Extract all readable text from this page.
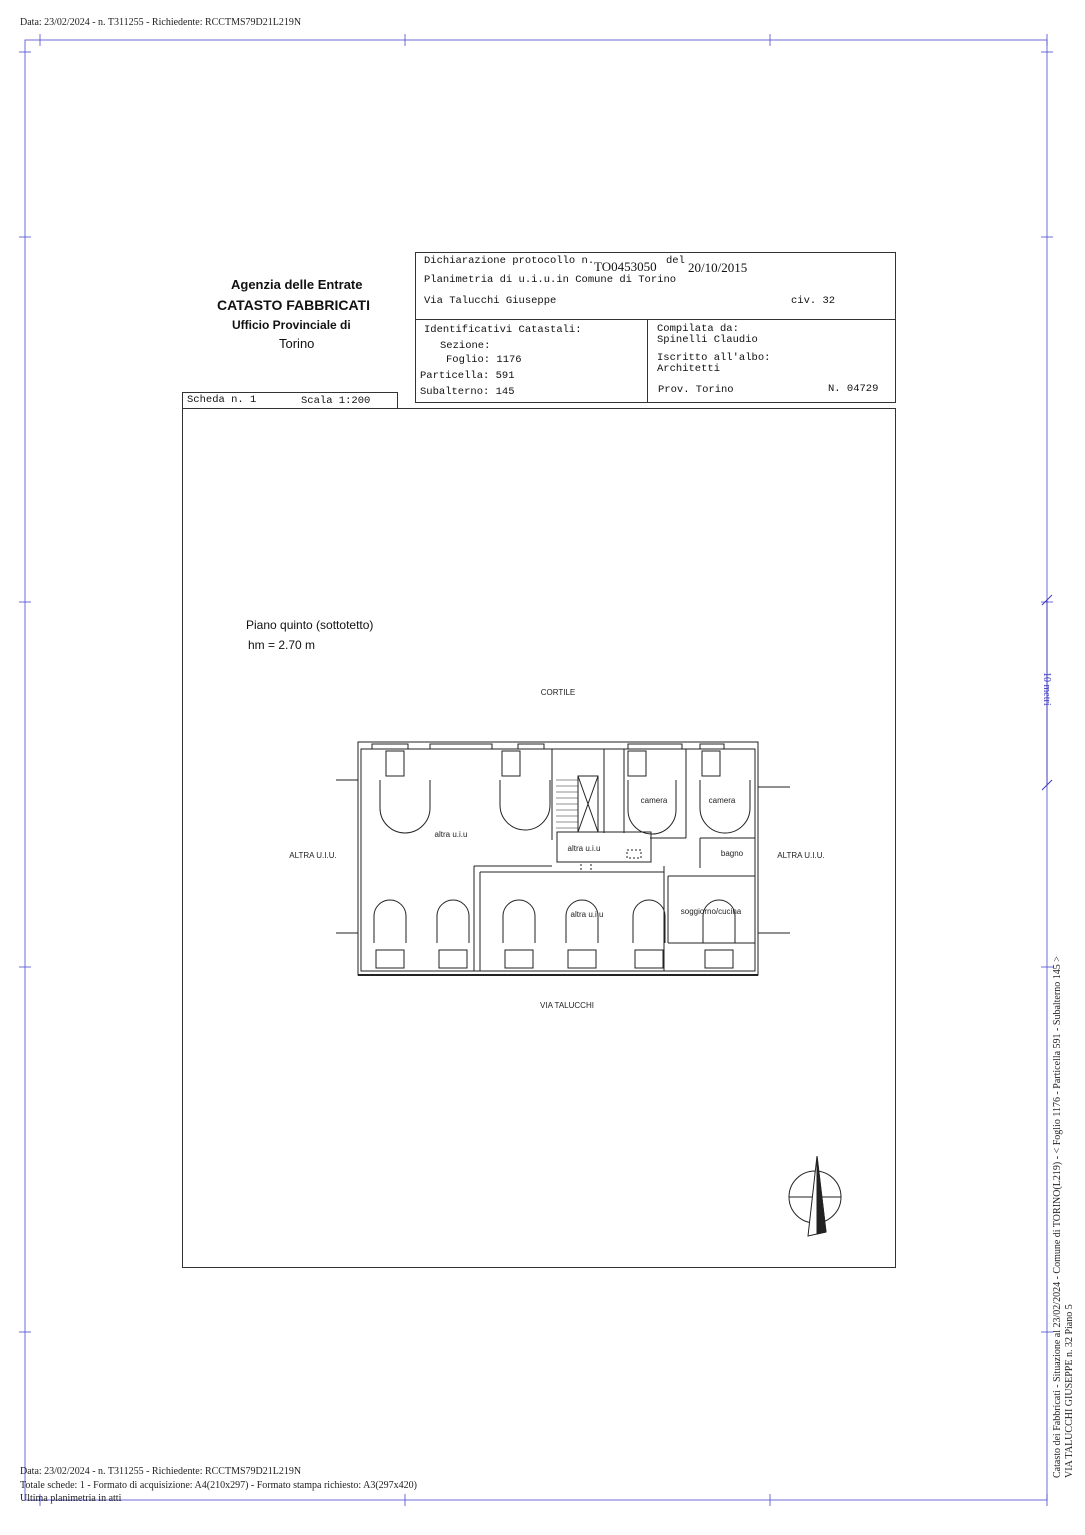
Data: 23/02/2024 - n. T311255 - Richiedente: RCCTMS79D21L219N
Agenzia delle Entrate
CATASTO FABBRICATI
Ufficio Provinciale di
Torino
Dichiarazione protocollo n. TO0453050 del 20/10/2015
Planimetria di u.i.u.in Comune di Torino
Via Talucchi Giuseppe	civ. 32
Identificativi Catastali:
Sezione:
Foglio: 1176
Particella: 591
Subalterno: 145
Compilata da:
Spinelli Claudio
Iscritto all'albo:
Architetti
Prov. Torino	N. 04729
Scheda n. 1	Scala 1:200
Piano quinto (sottotetto)
hm = 2.70 m
CORTILE
VIA TALUCCHI
ALTRA U.I.U.	ALTRA U.I.U.
altra u.i.u
altra u.i.u
altra u.i.u
camera	camera
bagno
soggiorno/cucina
10 metri
Catasto dei Fabbricati - Situazione al 23/02/2024 - Comune di TORINO(L219) - < Foglio 1176 - Particella 591 - Subalterno 145 > VIA TALUCCHI GIUSEPPE n. 32 Piano 5
Data: 23/02/2024 - n. T311255 - Richiedente: RCCTMS79D21L219N
Totale schede: 1 - Formato di acquisizione: A4(210x297) - Formato stampa richiesto: A3(297x420)
Ultima planimetria in atti
